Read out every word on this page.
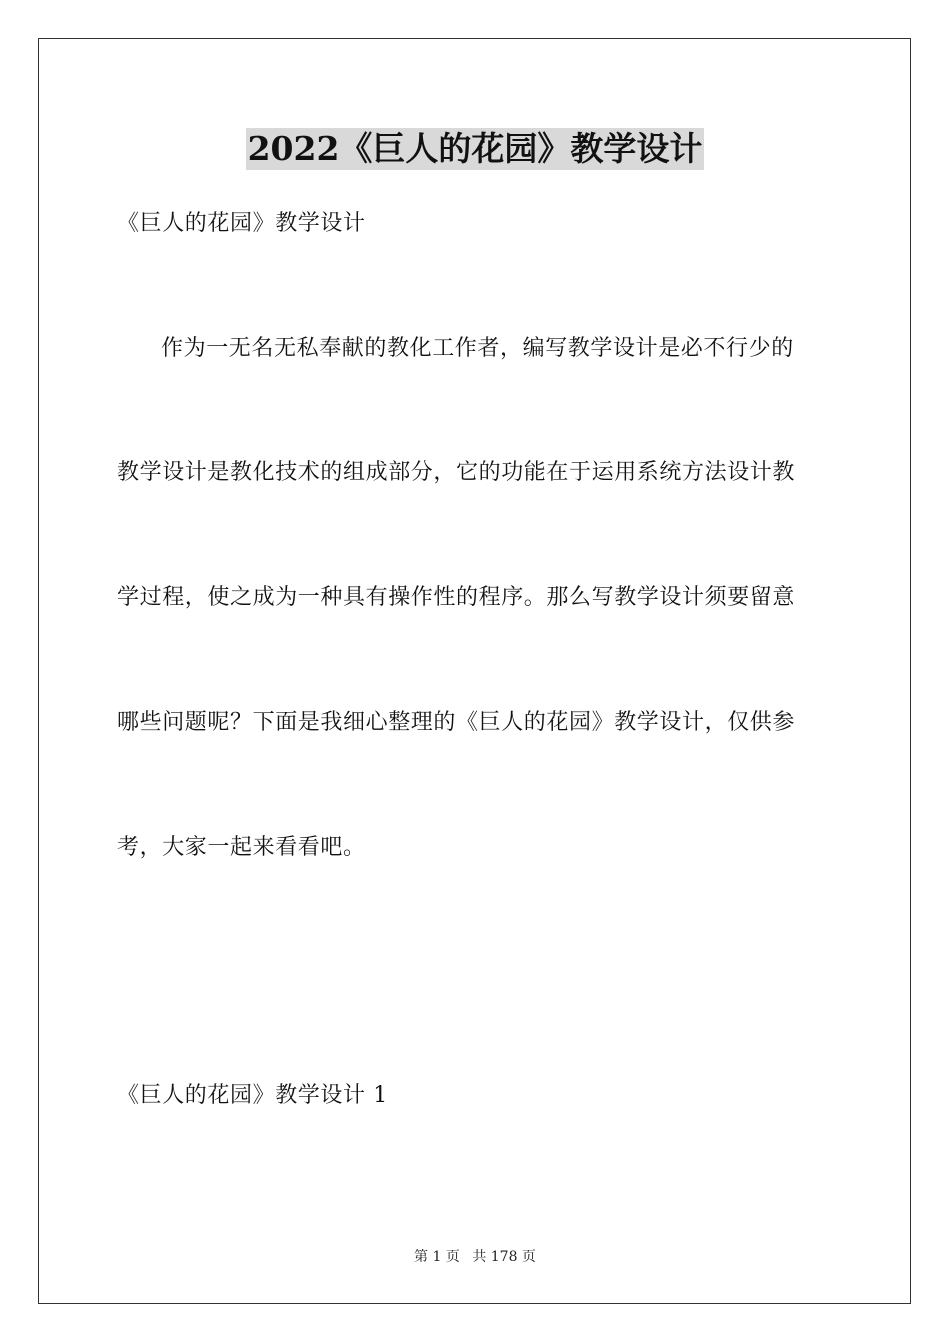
2022《巨人的花园》教学设计
《巨人的花园》教学设计
作为一无名无私奉献的教化工作者，编写教学设计是必不行少的
教学设计是教化技术的组成部分，它的功能在于运用系统方法设计教
学过程，使之成为一种具有操作性的程序。那么写教学设计须要留意
哪些问题呢？下面是我细心整理的《巨人的花园》教学设计，仅供参
考，大家一起来看看吧。
《巨人的花园》教学设计 1
第 1 页 共 178 页
